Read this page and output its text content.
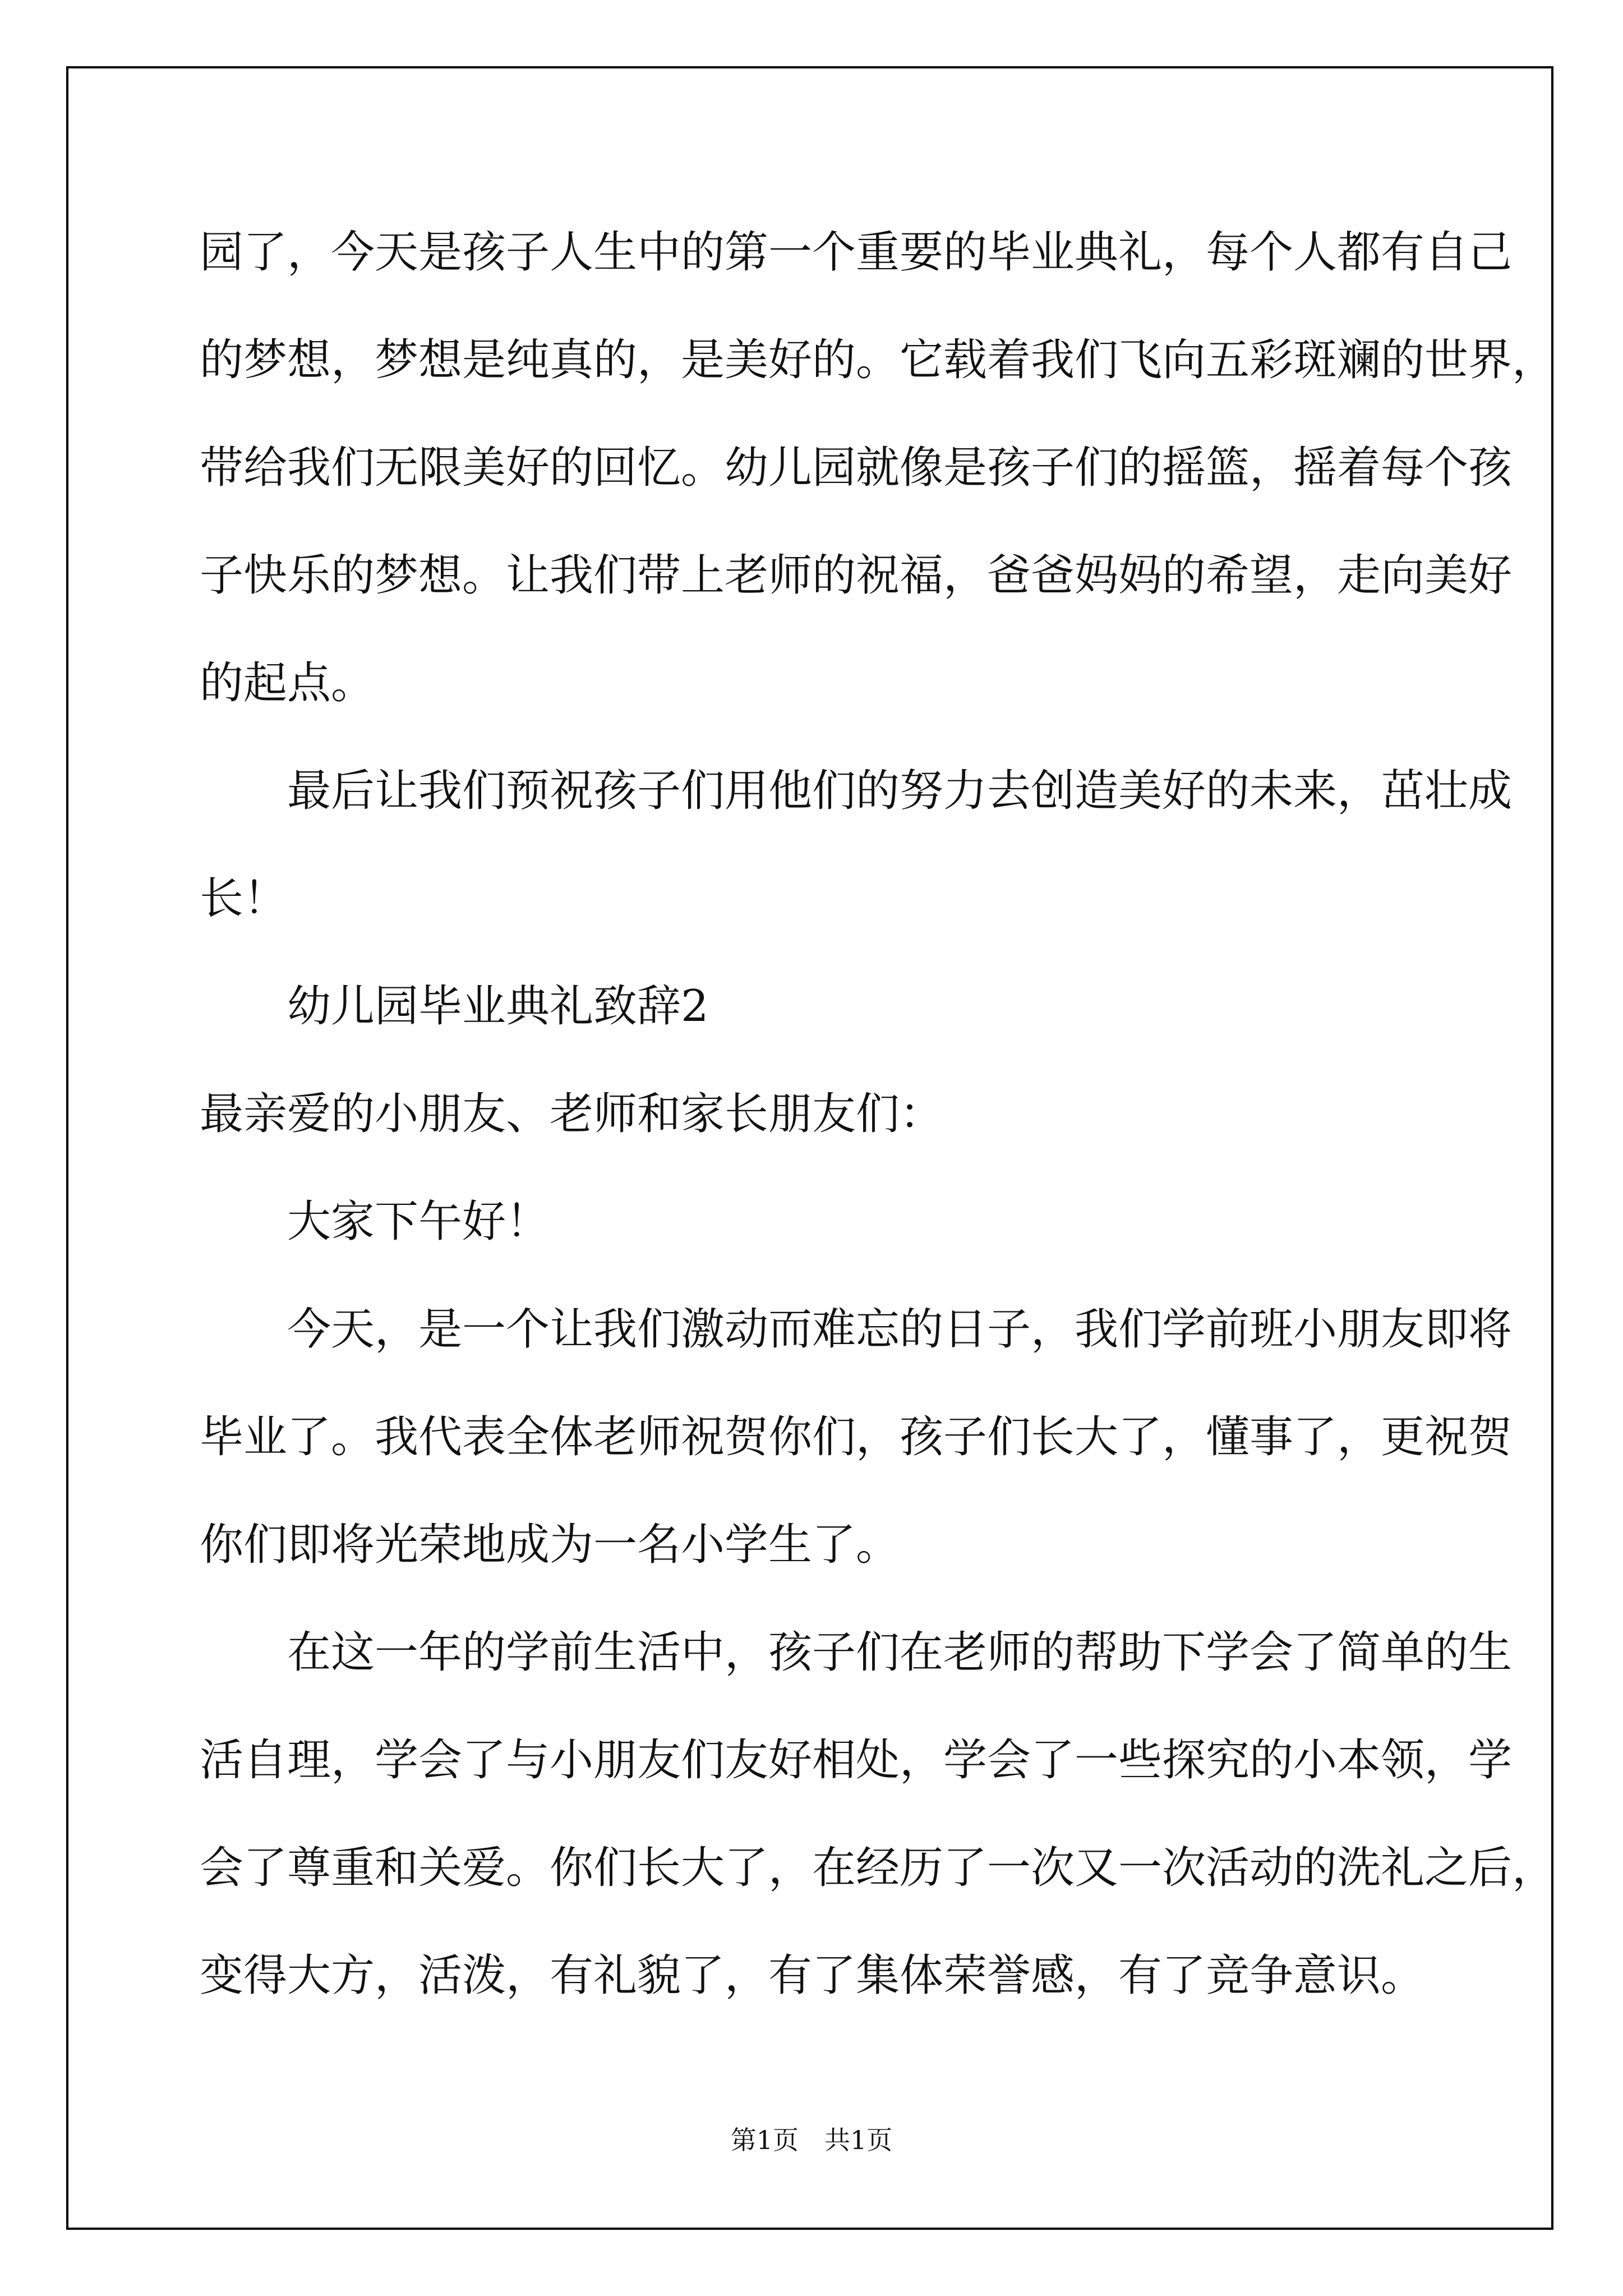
园了，今天是孩子人生中的第一个重要的毕业典礼，每个人都有自己
的梦想，梦想是纯真的，是美好的。它载着我们飞向五彩斑斓的世界，
带给我们无限美好的回忆。幼儿园就像是孩子们的摇篮，摇着每个孩
子快乐的梦想。让我们带上老师的祝福，爸爸妈妈的希望，走向美好
的起点。
最后让我们预祝孩子们用他们的努力去创造美好的未来，茁壮成
长！
幼儿园毕业典礼致辞2
最亲爱的小朋友、老师和家长朋友们：
大家下午好！
今天，是一个让我们激动而难忘的日子，我们学前班小朋友即将
毕业了。我代表全体老师祝贺你们，孩子们长大了，懂事了，更祝贺
你们即将光荣地成为一名小学生了。
在这一年的学前生活中，孩子们在老师的帮助下学会了简单的生
活自理，学会了与小朋友们友好相处，学会了一些探究的小本领，学
会了尊重和关爱。你们长大了，在经历了一次又一次活动的洗礼之后，
变得大方，活泼，有礼貌了，有了集体荣誉感，有了竞争意识。
第1页　共1页
